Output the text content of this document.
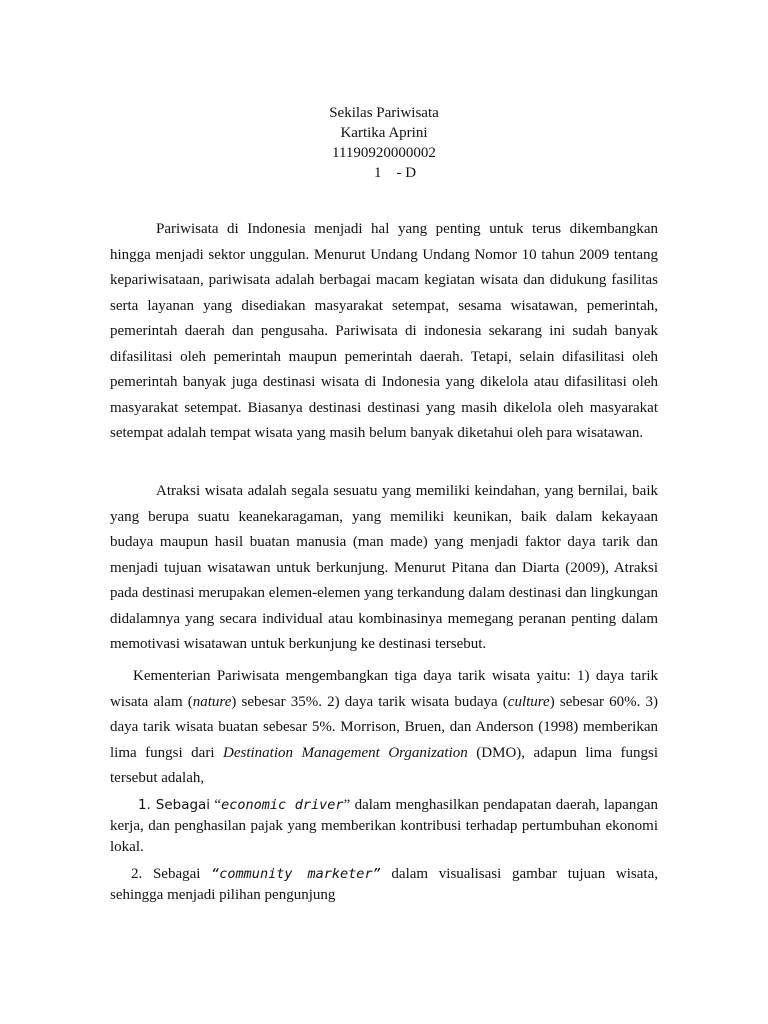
Sekilas Pariwisata
Kartika Aprini
11190920000002
1    - D

Pariwisata di Indonesia menjadi hal yang penting untuk terus dikembangkan hingga menjadi sektor unggulan. Menurut Undang Undang Nomor 10 tahun 2009 tentang kepariwisataan, pariwisata adalah berbagai macam kegiatan wisata dan didukung fasilitas serta layanan yang disediakan masyarakat setempat, sesama wisatawan, pemerintah, pemerintah daerah dan pengusaha. Pariwisata di indonesia sekarang ini sudah banyak difasilitasi oleh pemerintah maupun pemerintah daerah. Tetapi, selain difasilitasi oleh pemerintah banyak juga destinasi wisata di Indonesia yang dikelola atau difasilitasi oleh masyarakat setempat. Biasanya destinasi destinasi yang masih dikelola oleh masyarakat setempat adalah tempat wisata yang masih belum banyak diketahui oleh para wisatawan.

Atraksi wisata adalah segala sesuatu yang memiliki keindahan, yang bernilai, baik yang berupa suatu keanekaragaman, yang memiliki keunikan, baik dalam kekayaan budaya maupun hasil buatan manusia (man made) yang menjadi faktor daya tarik dan menjadi tujuan wisatawan untuk berkunjung. Menurut Pitana dan Diarta (2009), Atraksi pada destinasi merupakan elemen-elemen yang terkandung dalam destinasi dan lingkungan didalamnya yang secara individual atau kombinasinya memegang peranan penting dalam memotivasi wisatawan untuk berkunjung ke destinasi tersebut.

Kementerian Pariwisata mengembangkan tiga daya tarik wisata yaitu: 1) daya tarik wisata alam (nature) sebesar 35%. 2) daya tarik wisata budaya (culture) sebesar 60%. 3) daya tarik wisata buatan sebesar 5%. Morrison, Bruen, dan Anderson (1998) memberikan lima fungsi dari Destination Management Organization (DMO), adapun lima fungsi tersebut adalah,

1. Sebagai “economic driver” dalam menghasilkan pendapatan daerah, lapangan kerja, dan penghasilan pajak yang memberikan kontribusi terhadap pertumbuhan ekonomi lokal.

2. Sebagai “community marketer” dalam visualisasi gambar tujuan wisata, sehingga menjadi pilihan pengunjung
